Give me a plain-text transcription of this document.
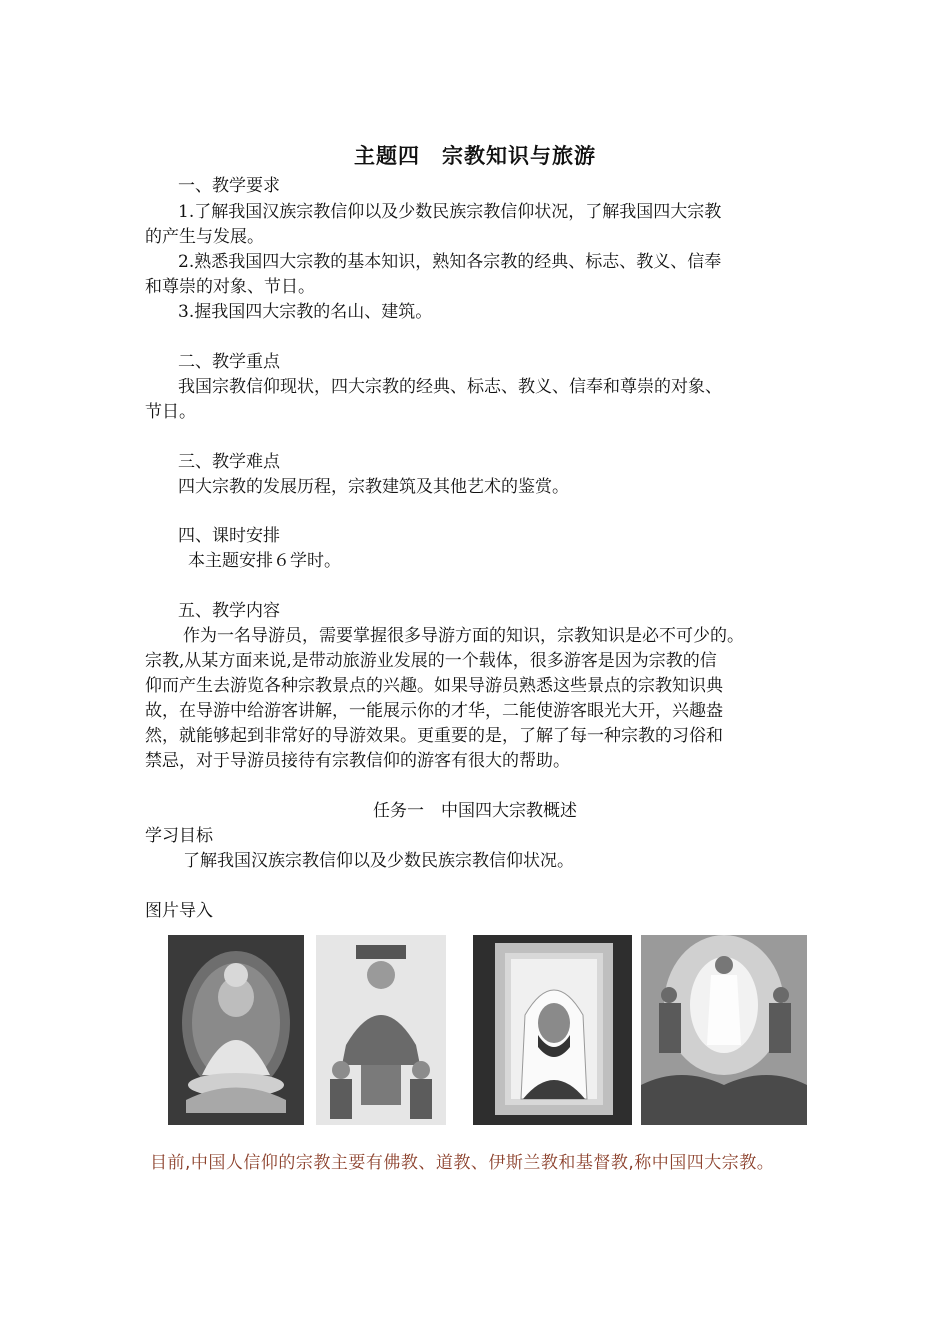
主题四　宗教知识与旅游
一、教学要求
1.了解我国汉族宗教信仰以及少数民族宗教信仰状况，了解我国四大宗教
的产生与发展。
2.熟悉我国四大宗教的基本知识，熟知各宗教的经典、标志、教义、信奉
和尊崇的对象、节日。
3.握我国四大宗教的名山、建筑。
二、教学重点
我国宗教信仰现状，四大宗教的经典、标志、教义、信奉和尊崇的对象、
节日。
三、教学难点
四大宗教的发展历程，宗教建筑及其他艺术的鉴赏。
四、课时安排
本主题安排６学时。
五、教学内容
作为一名导游员，需要掌握很多导游方面的知识，宗教知识是必不可少的。
宗教,从某方面来说,是带动旅游业发展的一个载体，很多游客是因为宗教的信
仰而产生去游览各种宗教景点的兴趣。如果导游员熟悉这些景点的宗教知识典
故，在导游中给游客讲解，一能展示你的才华，二能使游客眼光大开，兴趣盎
然，就能够起到非常好的导游效果。更重要的是，了解了每一种宗教的习俗和
禁忌，对于导游员接待有宗教信仰的游客有很大的帮助。
任务一　中国四大宗教概述
学习目标
了解我国汉族宗教信仰以及少数民族宗教信仰状况。
图片导入
目前,中国人信仰的宗教主要有佛教、道教、伊斯兰教和基督教,称中国四大宗教。
